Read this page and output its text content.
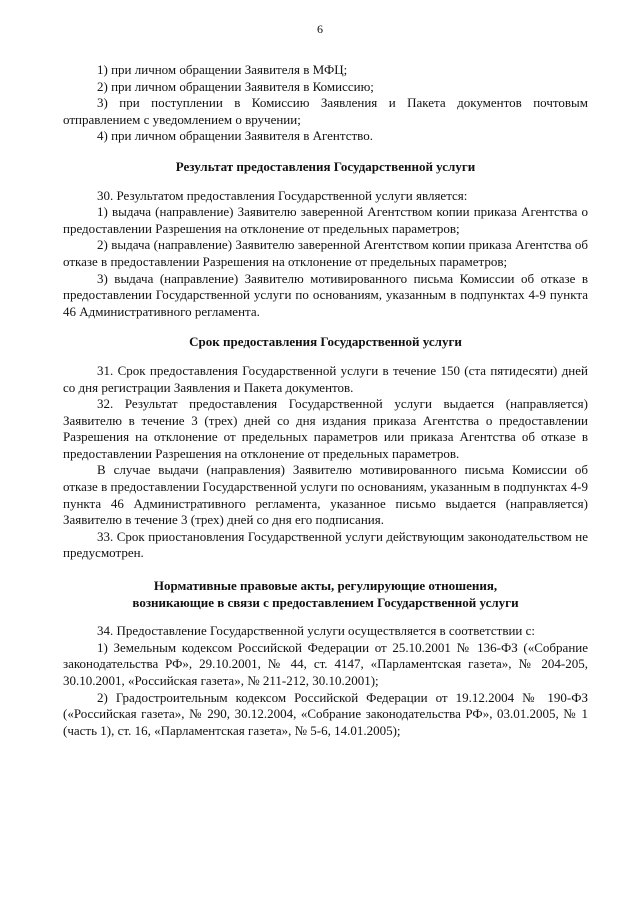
6

1) при личном обращении Заявителя в МФЦ;

2) при личном обращении Заявителя в Комиссию;

3) при поступлении в Комиссию Заявления и Пакета документов почтовым отправлением с уведомлением о вручении;

4) при личном обращении Заявителя в Агентство.

Результат предоставления Государственной услуги

30. Результатом предоставления Государственной услуги является:

1) выдача (направление) Заявителю заверенной Агентством копии приказа Агентства о предоставлении Разрешения на отклонение от предельных параметров;

2) выдача (направление) Заявителю заверенной Агентством копии приказа Агентства об отказе в предоставлении Разрешения на отклонение от предельных параметров;

3) выдача (направление) Заявителю мотивированного письма Комиссии об отказе в предоставлении Государственной услуги по основаниям, указанным в подпунктах 4-9 пункта 46 Административного регламента.

Срок предоставления Государственной услуги

31. Срок предоставления Государственной услуги в течение 150 (ста пятидесяти) дней со дня регистрации Заявления и Пакета документов.

32. Результат предоставления Государственной услуги выдается (направляется) Заявителю в течение 3 (трех) дней со дня издания приказа Агентства о предоставлении Разрешения на отклонение от предельных параметров или приказа Агентства об отказе в предоставлении Разрешения на отклонение от предельных параметров.

В случае выдачи (направления) Заявителю мотивированного письма Комиссии об отказе в предоставлении Государственной услуги по основаниям, указанным в подпунктах 4-9 пункта 46 Административного регламента, указанное письмо выдается (направляется) Заявителю в течение 3 (трех) дней со дня его подписания.

33. Срок приостановления Государственной услуги действующим законодательством не предусмотрен.

Нормативные правовые акты, регулирующие отношения,
возникающие в связи с предоставлением Государственной услуги

34. Предоставление Государственной услуги осуществляется в соответствии с:

1) Земельным кодексом Российской Федерации от 25.10.2001 № 136-ФЗ («Собрание законодательства РФ», 29.10.2001, № 44, ст. 4147, «Парламентская газета», № 204-205, 30.10.2001, «Российская газета», № 211-212, 30.10.2001);

2) Градостроительным кодексом Российской Федерации от 19.12.2004 № 190-ФЗ («Российская газета», № 290, 30.12.2004, «Собрание законодательства РФ», 03.01.2005, № 1 (часть 1), ст. 16, «Парламентская газета», № 5-6, 14.01.2005);
